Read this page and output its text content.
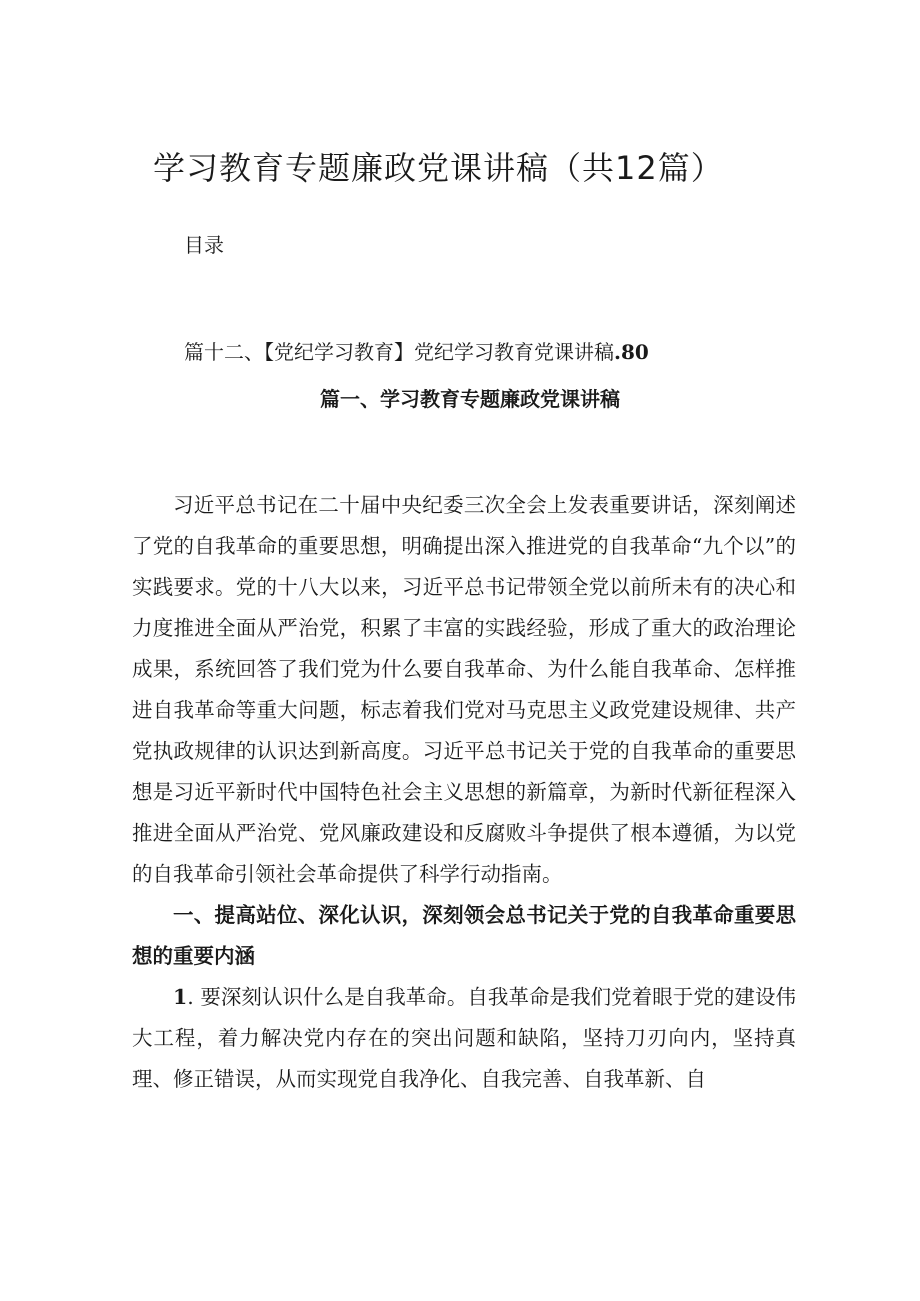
学习教育专题廉政党课讲稿（共12篇）
目录
篇十二、【党纪学习教育】党纪学习教育党课讲稿.80
篇一、学习教育专题廉政党课讲稿

习近平总书记在二十届中央纪委三次全会上发表重要讲话，深刻阐述了党的自我革命的重要思想，明确提出深入推进党的自我革命“九个以”的实践要求。党的十八大以来，习近平总书记带领全党以前所未有的决心和力度推进全面从严治党，积累了丰富的实践经验，形成了重大的政治理论成果，系统回答了我们党为什么要自我革命、为什么能自我革命、怎样推进自我革命等重大问题，标志着我们党对马克思主义政党建设规律、共产党执政规律的认识达到新高度。习近平总书记关于党的自我革命的重要思想是习近平新时代中国特色社会主义思想的新篇章，为新时代新征程深入推进全面从严治党、党风廉政建设和反腐败斗争提供了根本遵循，为以党的自我革命引领社会革命提供了科学行动指南。

一、提高站位、深化认识，深刻领会总书记关于党的自我革命重要思想的重要内涵

1. 要深刻认识什么是自我革命。自我革命是我们党着眼于党的建设伟大工程，着力解决党内存在的突出问题和缺陷，坚持刀刃向内，坚持真理、修正错误，从而实现党自我净化、自我完善、自我革新、自
